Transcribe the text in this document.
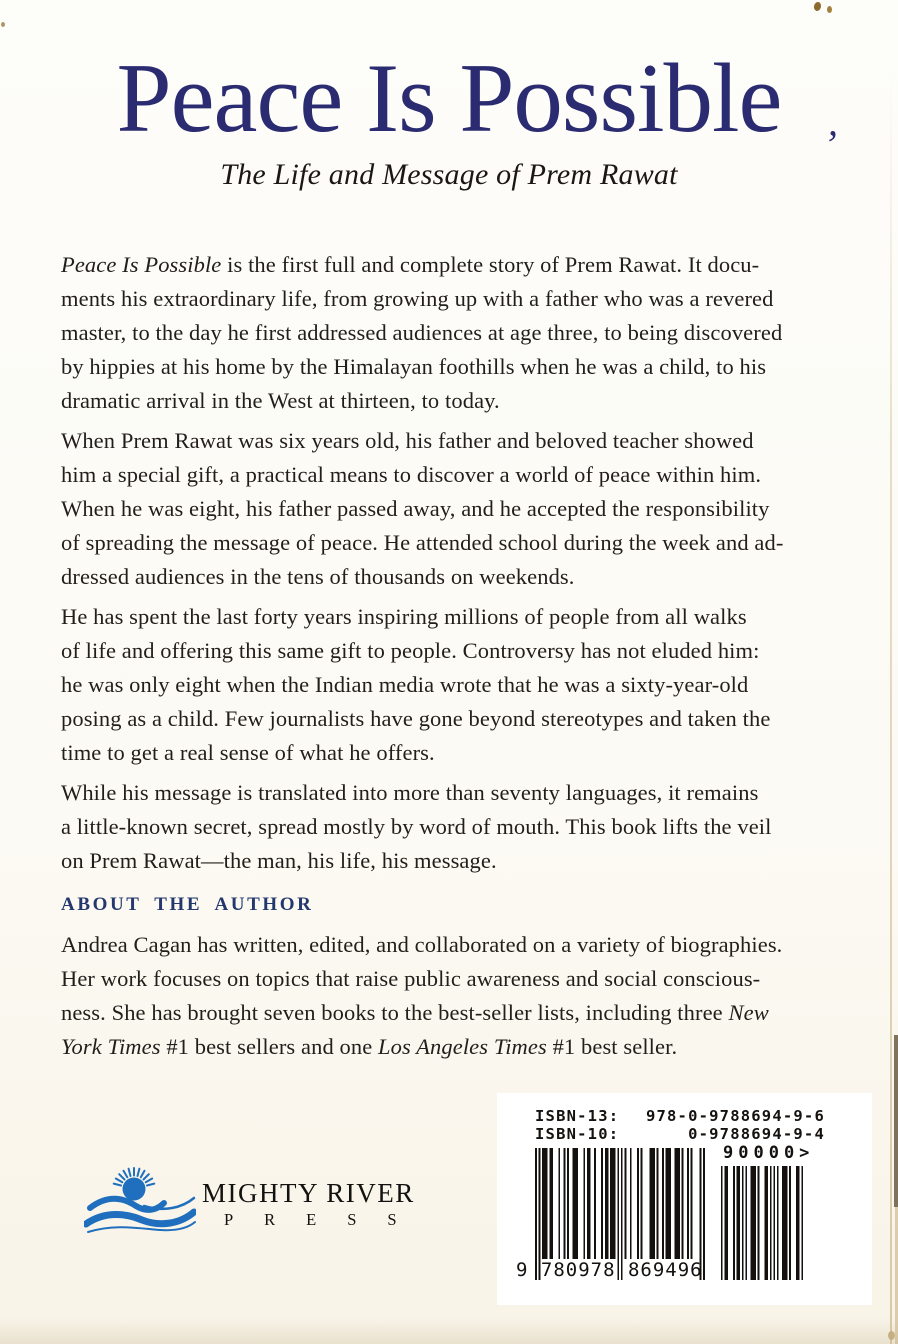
Peace Is Possible
The Life and Message of Prem Rawat
,

Peace Is Possible is the first full and complete story of Prem Rawat. It docu-
ments his extraordinary life, from growing up with a father who was a revered
master, to the day he first addressed audiences at age three, to being discovered
by hippies at his home by the Himalayan foothills when he was a child, to his
dramatic arrival in the West at thirteen, to today.

When Prem Rawat was six years old, his father and beloved teacher showed
him a special gift, a practical means to discover a world of peace within him.
When he was eight, his father passed away, and he accepted the responsibility
of spreading the message of peace. He attended school during the week and ad-
dressed audiences in the tens of thousands on weekends.

He has spent the last forty years inspiring millions of people from all walks
of life and offering this same gift to people. Controversy has not eluded him:
he was only eight when the Indian media wrote that he was a sixty-year-old
posing as a child. Few journalists have gone beyond stereotypes and taken the
time to get a real sense of what he offers.

While his message is translated into more than seventy languages, it remains
a little-known secret, spread mostly by word of mouth. This book lifts the veil
on Prem Rawat—the man, his life, his message.

ABOUT THE AUTHOR

Andrea Cagan has written, edited, and collaborated on a variety of biographies.
Her work focuses on topics that raise public awareness and social conscious-
ness. She has brought seven books to the best-seller lists, including three New
York Times #1 best sellers and one Los Angeles Times #1 best seller.

MIGHTY RIVER
PRESS
ISBN-13: 978-0-9788694-9-6
ISBN-10:	0-9788694-9-4
90000>
9 780978 869496
